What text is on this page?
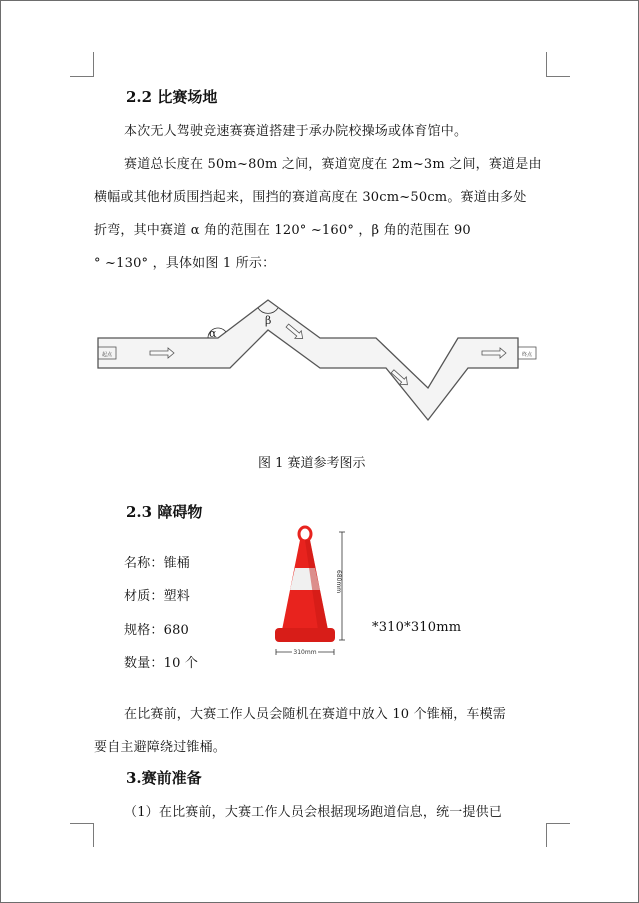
2.2 比赛场地
本次无人驾驶竞速赛赛道搭建于承办院校操场或体育馆中。
赛道总长度在 50m~80m 之间，赛道宽度在 2m~3m 之间，赛道是由
横幅或其他材质围挡起来，围挡的赛道高度在 30cm~50cm。赛道由多处
折弯，其中赛道 α 角的范围在 120° ~160° ，β 角的范围在 90
° ~130° ，具体如图 1 所示：
起点	终点
α
β
图 1 赛道参考图示
2.3 障碍物
名称：锥桶
材质：塑料
规格：680
数量：10 个
*310*310mm
680mm
310mm
在比赛前，大赛工作人员会随机在赛道中放入 10 个锥桶，车模需
要自主避障绕过锥桶。
3.赛前准备
（1）在比赛前，大赛工作人员会根据现场跑道信息，统一提供已
